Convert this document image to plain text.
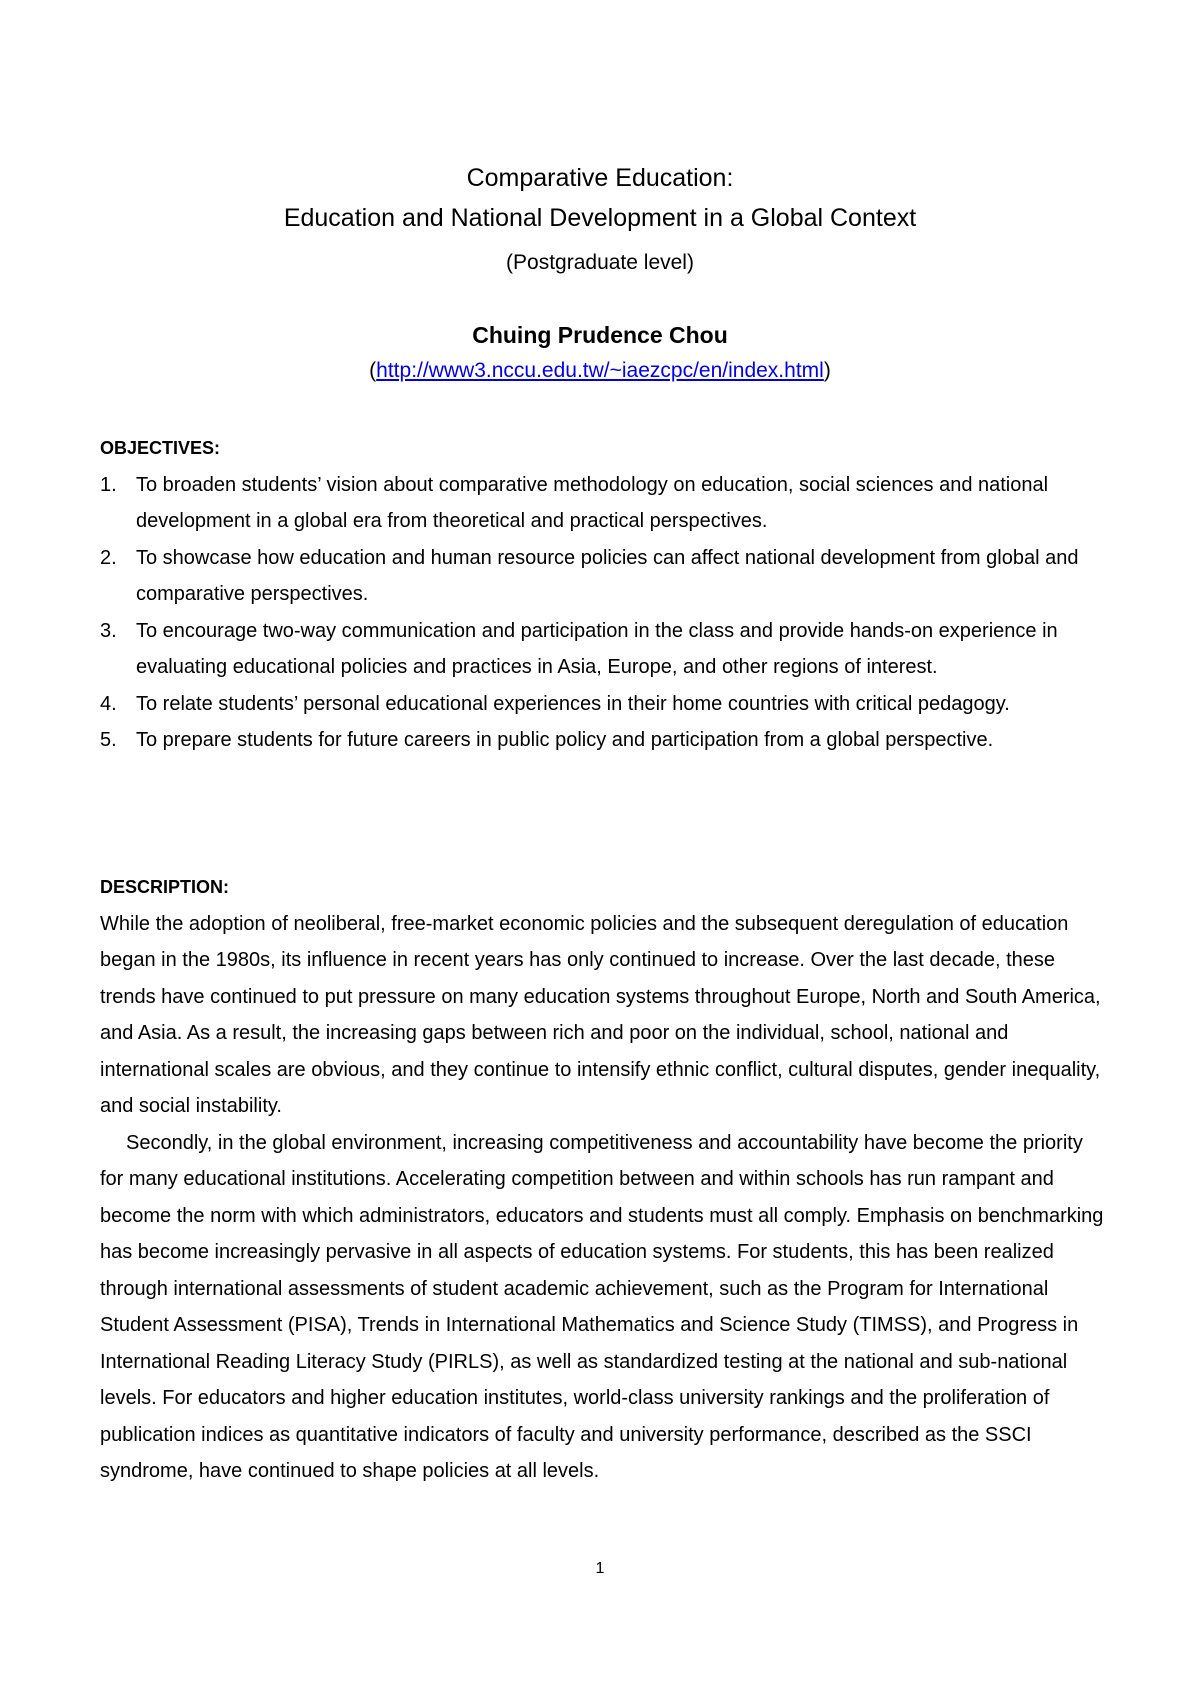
Comparative Education:
Education and National Development in a Global Context
(Postgraduate level)
Chuing Prudence Chou
(http://www3.nccu.edu.tw/~iaezcpc/en/index.html)
OBJECTIVES:
1. To broaden students’ vision about comparative methodology on education, social sciences and national development in a global era from theoretical and practical perspectives.
2. To showcase how education and human resource policies can affect national development from global and comparative perspectives.
3. To encourage two-way communication and participation in the class and provide hands-on experience in evaluating educational policies and practices in Asia, Europe, and other regions of interest.
4. To relate students’ personal educational experiences in their home countries with critical pedagogy.
5. To prepare students for future careers in public policy and participation from a global perspective.
DESCRIPTION:

While the adoption of neoliberal, free-market economic policies and the subsequent deregulation of education began in the 1980s, its influence in recent years has only continued to increase. Over the last decade, these trends have continued to put pressure on many education systems throughout Europe, North and South America, and Asia. As a result, the increasing gaps between rich and poor on the individual, school, national and international scales are obvious, and they continue to intensify ethnic conflict, cultural disputes, gender inequality, and social instability.

Secondly, in the global environment, increasing competitiveness and accountability have become the priority for many educational institutions. Accelerating competition between and within schools has run rampant and become the norm with which administrators, educators and students must all comply. Emphasis on benchmarking has become increasingly pervasive in all aspects of education systems. For students, this has been realized through international assessments of student academic achievement, such as the Program for International Student Assessment (PISA), Trends in International Mathematics and Science Study (TIMSS), and Progress in International Reading Literacy Study (PIRLS), as well as standardized testing at the national and sub-national levels. For educators and higher education institutes, world-class university rankings and the proliferation of publication indices as quantitative indicators of faculty and university performance, described as the SSCI syndrome, have continued to shape policies at all levels.

1
